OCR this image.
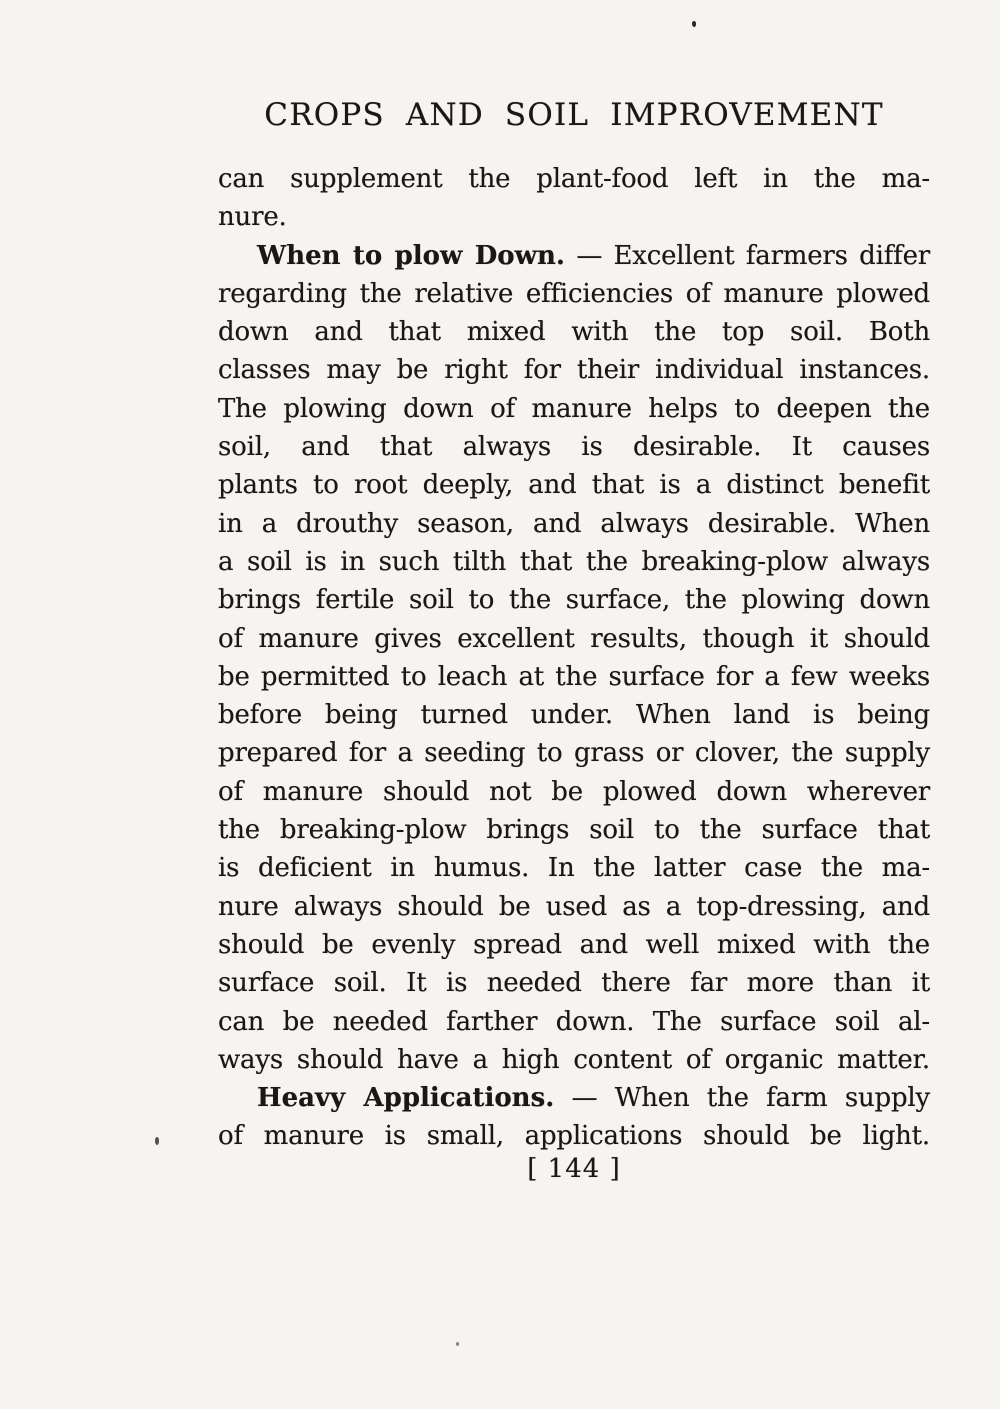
CROPS AND SOIL IMPROVEMENT
can supplement the plant-food left in the ma-
nure.
When to plow Down. — Excellent farmers differ
regarding the relative efficiencies of manure plowed
down and that mixed with the top soil. Both
classes may be right for their individual instances.
The plowing down of manure helps to deepen the
soil, and that always is desirable. It causes
plants to root deeply, and that is a distinct benefit
in a drouthy season, and always desirable. When
a soil is in such tilth that the breaking-plow always
brings fertile soil to the surface, the plowing down
of manure gives excellent results, though it should
be permitted to leach at the surface for a few weeks
before being turned under. When land is being
prepared for a seeding to grass or clover, the supply
of manure should not be plowed down wherever
the breaking-plow brings soil to the surface that
is deficient in humus. In the latter case the ma-
nure always should be used as a top-dressing, and
should be evenly spread and well mixed with the
surface soil. It is needed there far more than it
can be needed farther down. The surface soil al-
ways should have a high content of organic matter.
Heavy Applications. — When the farm supply
of manure is small, applications should be light.
[ 144 ]
